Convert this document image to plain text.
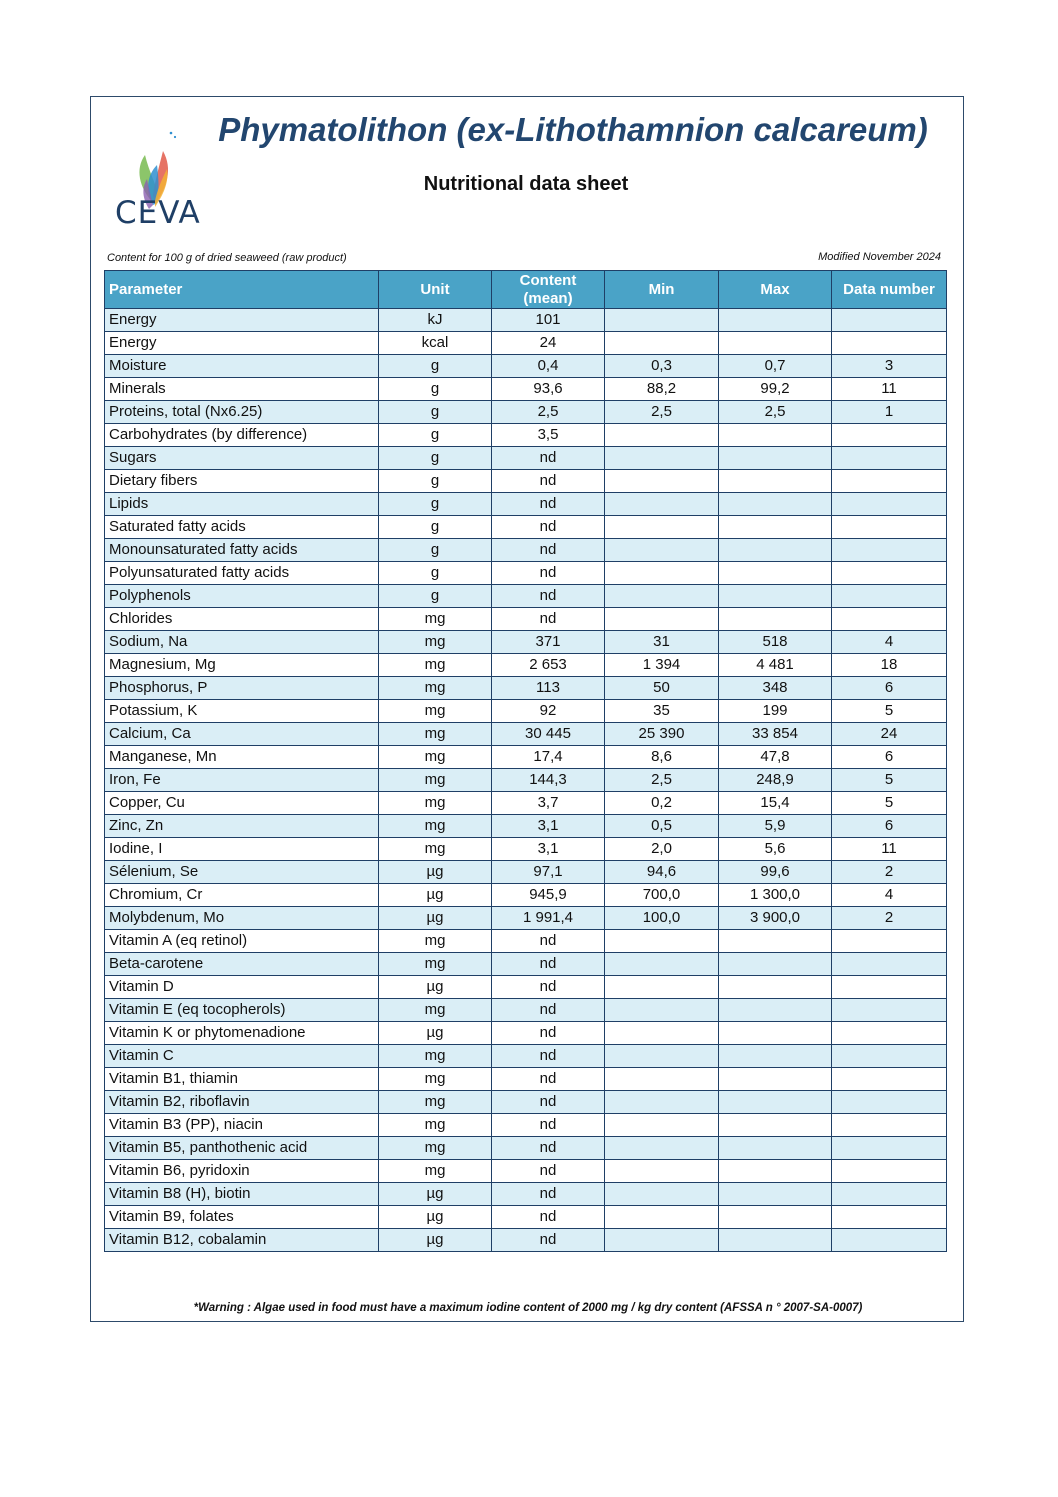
CEVA
Phymatolithon (ex-Lithothamnion calcareum)
Nutritional data sheet
Content for 100 g of dried seaweed (raw product)	Modified November 2024
Parameter	Unit	Content (mean)	Min	Max	Data number
Energy	kJ	101			
Energy	kcal	24			
Moisture	g	0,4	0,3	0,7	3
Minerals	g	93,6	88,2	99,2	11
Proteins, total (Nx6.25)	g	2,5	2,5	2,5	1
Carbohydrates (by difference)	g	3,5			
Sugars	g	nd			
Dietary fibers	g	nd			
Lipids	g	nd			
Saturated fatty acids	g	nd			
Monounsaturated fatty acids	g	nd			
Polyunsaturated fatty acids	g	nd			
Polyphenols	g	nd			
Chlorides	mg	nd			
Sodium, Na	mg	371	31	518	4
Magnesium, Mg	mg	2 653	1 394	4 481	18
Phosphorus, P	mg	113	50	348	6
Potassium, K	mg	92	35	199	5
Calcium, Ca	mg	30 445	25 390	33 854	24
Manganese, Mn	mg	17,4	8,6	47,8	6
Iron, Fe	mg	144,3	2,5	248,9	5
Copper, Cu	mg	3,7	0,2	15,4	5
Zinc, Zn	mg	3,1	0,5	5,9	6
Iodine, I	mg	3,1	2,0	5,6	11
Sélenium, Se	µg	97,1	94,6	99,6	2
Chromium, Cr	µg	945,9	700,0	1 300,0	4
Molybdenum, Mo	µg	1 991,4	100,0	3 900,0	2
Vitamin A (eq retinol)	mg	nd			
Beta-carotene	mg	nd			
Vitamin D	µg	nd			
Vitamin E (eq tocopherols)	mg	nd			
Vitamin K or phytomenadione	µg	nd			
Vitamin C	mg	nd			
Vitamin B1, thiamin	mg	nd			
Vitamin B2, riboflavin	mg	nd			
Vitamin B3 (PP), niacin	mg	nd			
Vitamin B5, panthothenic acid	mg	nd			
Vitamin B6, pyridoxin	mg	nd			
Vitamin B8 (H), biotin	µg	nd			
Vitamin B9, folates	µg	nd			
Vitamin B12, cobalamin	µg	nd			
*Warning : Algae used in food must have a maximum iodine content of 2000 mg / kg dry content (AFSSA n ° 2007-SA-0007)
